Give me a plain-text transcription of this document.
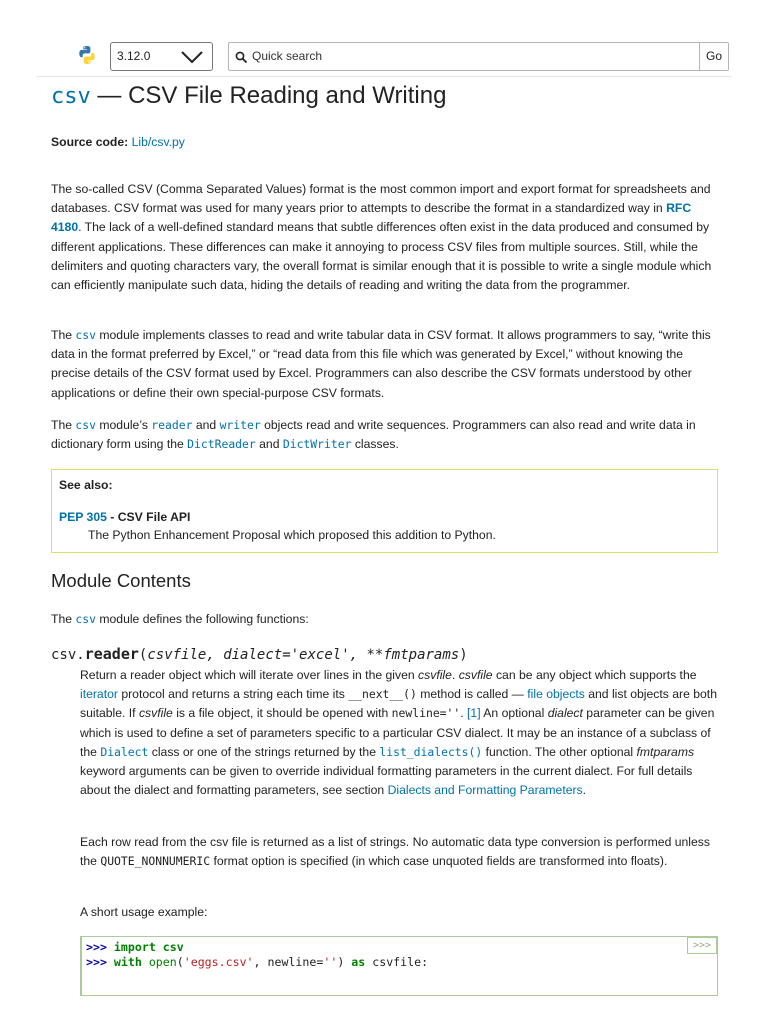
3.12.0	Quick search	Go
csv — CSV File Reading and Writing
Source code: Lib/csv.py

The so-called CSV (Comma Separated Values) format is the most common import and export format for spreadsheets and databases. CSV format was used for many years prior to attempts to describe the format in a standardized way in RFC 4180. The lack of a well-defined standard means that subtle differences often exist in the data produced and consumed by different applications. These differences can make it annoying to process CSV files from multiple sources. Still, while the delimiters and quoting characters vary, the overall format is similar enough that it is possible to write a single module which can efficiently manipulate such data, hiding the details of reading and writing the data from the programmer.

The csv module implements classes to read and write tabular data in CSV format. It allows programmers to say, “write this data in the format preferred by Excel,” or “read data from this file which was generated by Excel,” without knowing the precise details of the CSV format used by Excel. Programmers can also describe the CSV formats understood by other applications or define their own special-purpose CSV formats.

The csv module’s reader and writer objects read and write sequences. Programmers can also read and write data in dictionary form using the DictReader and DictWriter classes.

See also:
PEP 305 - CSV File API
The Python Enhancement Proposal which proposed this addition to Python.
Module Contents

The csv module defines the following functions:

csv.reader(csvfile, dialect='excel', **fmtparams)

Return a reader object which will iterate over lines in the given csvfile. csvfile can be any object which supports the iterator protocol and returns a string each time its __next__() method is called — file objects and list objects are both suitable. If csvfile is a file object, it should be opened with newline=''. [1] An optional dialect parameter can be given which is used to define a set of parameters specific to a particular CSV dialect. It may be an instance of a subclass of the Dialect class or one of the strings returned by the list_dialects() function. The other optional fmtparams keyword arguments can be given to override individual formatting parameters in the current dialect. For full details about the dialect and formatting parameters, see section Dialects and Formatting Parameters.

Each row read from the csv file is returned as a list of strings. No automatic data type conversion is performed unless the QUOTE_NONNUMERIC format option is specified (in which case unquoted fields are transformed into floats).

A short usage example:

>>>
>>> import csv
>>> with open('eggs.csv', newline='') as csvfile:
